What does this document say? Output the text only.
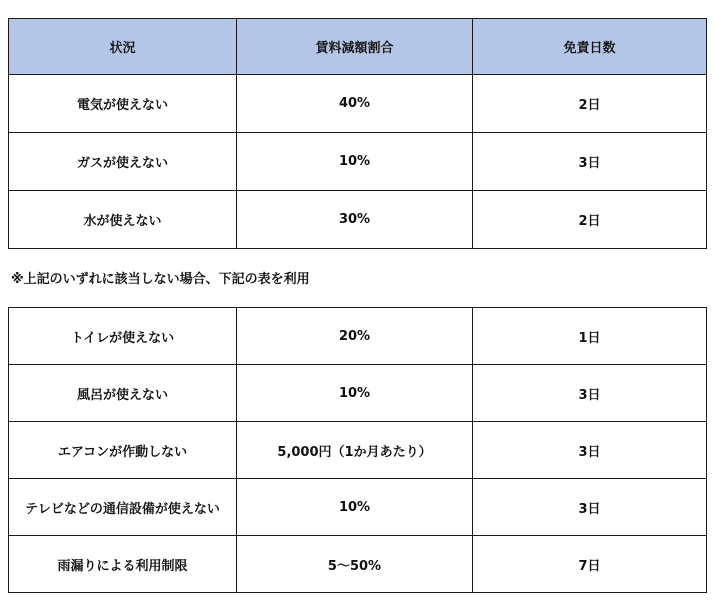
状況	賃料減額割合	免責日数
電気が使えない	40%	2日
ガスが使えない	10%	3日
水が使えない	30%	2日
※上記のいずれに該当しない場合、下記の表を利用
トイレが使えない	20%	1日
風呂が使えない	10%	3日
エアコンが作動しない	5,000円（1か月あたり）	3日
テレビなどの通信設備が使えない	10%	3日
雨漏りによる利用制限	5～50%	7日
